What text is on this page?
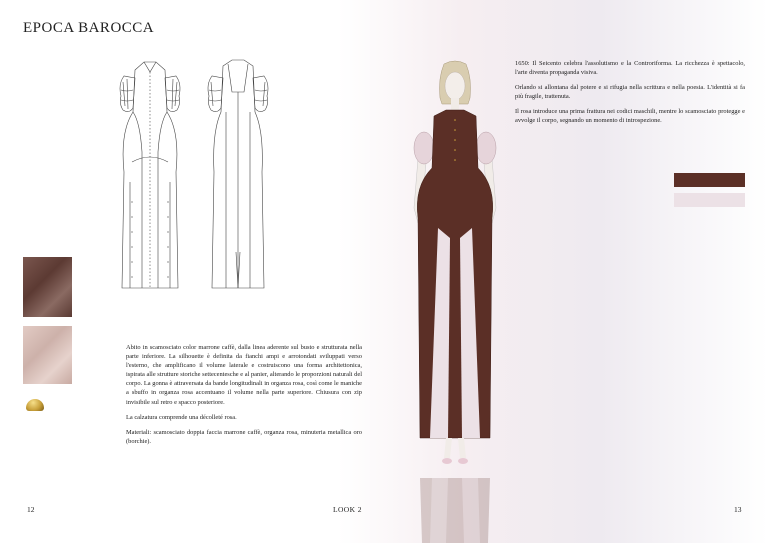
EPOCA BAROCCA

Abito in scamosciato color marrone caffè, dalla linea aderente sul busto e strutturata nella parte inferiore. La silhouette è definita da fianchi ampi e arrotondati sviluppati verso l'esterno, che amplificano il volume laterale e costruiscono una forma architettonica, ispirata alle strutture storiche settecentesche e al panier, alterando le proporzioni naturali del corpo. La gonna è attraversata da bande longitudinali in organza rosa, così come le maniche a sbuffo in organza rosa accentuano il volume nella parte superiore. Chiusura con zip invisibile sul retro e spacco posteriore.

La calzatura comprende una décolleté rosa.

Materiali: scamosciato doppia faccia marrone caffè, organza rosa, minuteria metallica oro (borchie).

1650: Il Seicento celebra l'assolutismo e la Controriforma. La ricchezza è spettacolo, l'arte diventa propaganda visiva.

Orlando si allontana dal potere e si rifugia nella scrittura e nella poesia. L'identità si fa più fragile, trattenuta.

Il rosa introduce una prima frattura nei codici maschili, mentre lo scamosciato protegge e avvolge il corpo, segnando un momento di introspezione.

12	LOOK 2	13
